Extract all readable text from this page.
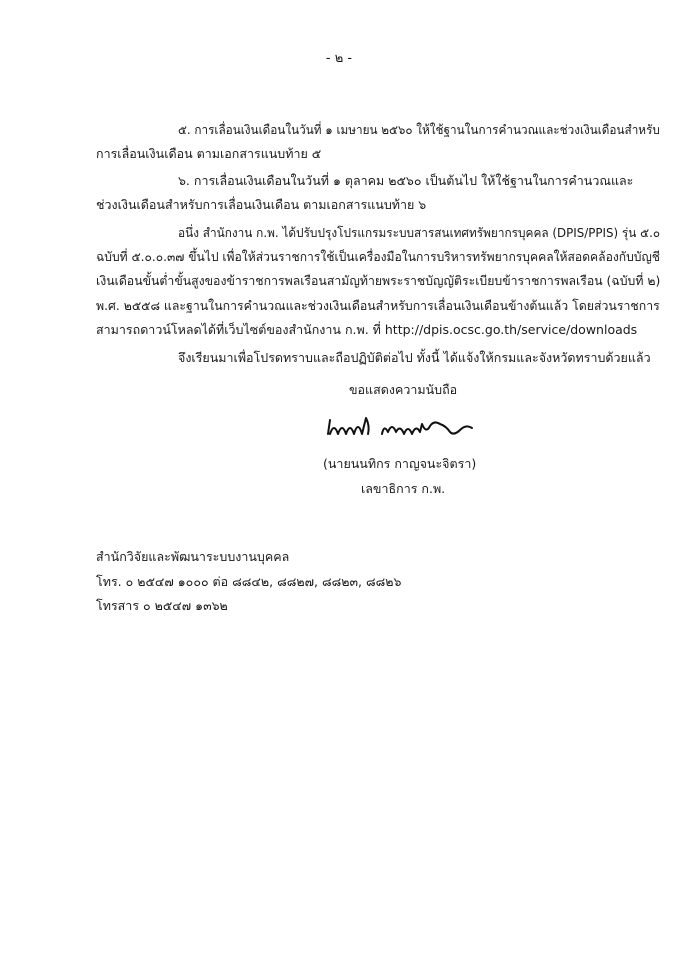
- ๒ -
๕. การเลื่อนเงินเดือนในวันที่ ๑ เมษายน ๒๕๖๐ ให้ใช้ฐานในการคำนวณและช่วงเงินเดือนสำหรับ
การเลื่อนเงินเดือน ตามเอกสารแนบท้าย ๕
๖. การเลื่อนเงินเดือนในวันที่ ๑ ตุลาคม ๒๕๖๐ เป็นต้นไป ให้ใช้ฐานในการคำนวณและ
ช่วงเงินเดือนสำหรับการเลื่อนเงินเดือน ตามเอกสารแนบท้าย ๖
อนึ่ง สำนักงาน ก.พ. ได้ปรับปรุงโปรแกรมระบบสารสนเทศทรัพยากรบุคคล (DPIS/PPIS) รุ่น ๕.๐
ฉบับที่ ๕.๐.๐.๓๗ ขึ้นไป เพื่อให้ส่วนราชการใช้เป็นเครื่องมือในการบริหารทรัพยากรบุคคลให้สอดคล้องกับบัญชี
เงินเดือนขั้นต่ำขั้นสูงของข้าราชการพลเรือนสามัญท้ายพระราชบัญญัติระเบียบข้าราชการพลเรือน (ฉบับที่ ๒)
พ.ศ. ๒๕๕๘ และฐานในการคำนวณและช่วงเงินเดือนสำหรับการเลื่อนเงินเดือนข้างต้นแล้ว โดยส่วนราชการ
สามารถดาวน์โหลดได้ที่เว็บไซต์ของสำนักงาน ก.พ. ที่ http://dpis.ocsc.go.th/service/downloads
จึงเรียนมาเพื่อโปรดทราบและถือปฏิบัติต่อไป ทั้งนี้ ได้แจ้งให้กรมและจังหวัดทราบด้วยแล้ว
ขอแสดงความนับถือ
(นายนนทิกร กาญจนะจิตรา)
เลขาธิการ ก.พ.
สำนักวิจัยและพัฒนาระบบงานบุคคล
โทร. ๐ ๒๕๔๗ ๑๐๐๐ ต่อ ๘๘๔๒, ๘๘๒๗, ๘๘๒๓, ๘๘๒๖
โทรสาร ๐ ๒๕๔๗ ๑๓๖๒
